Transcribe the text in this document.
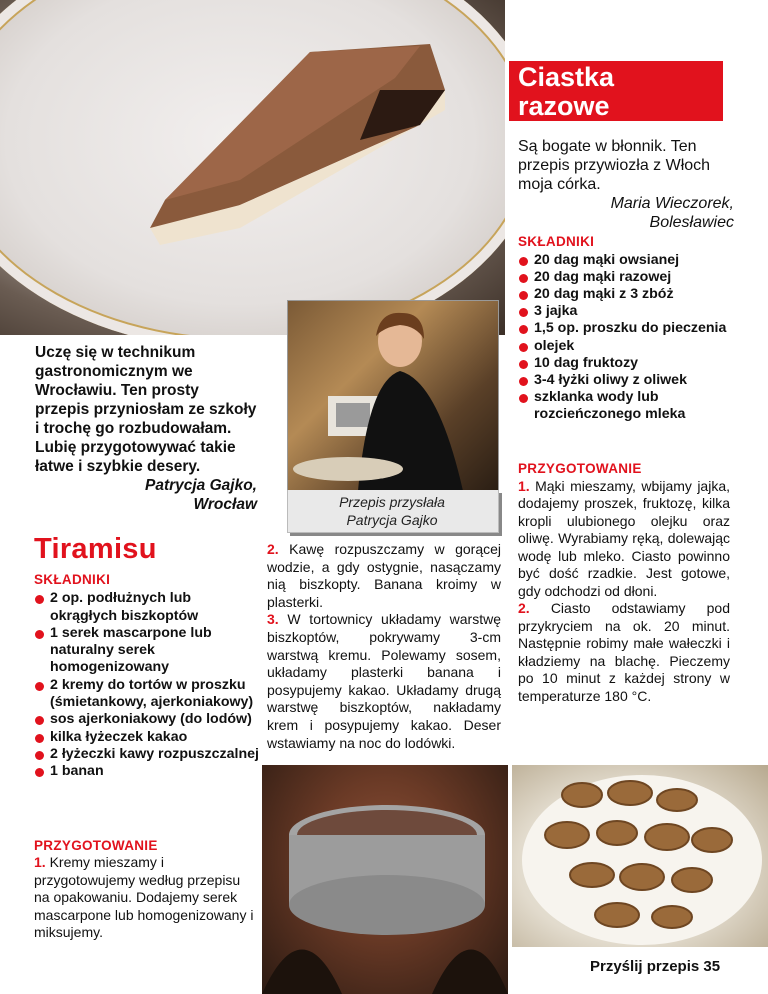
Przepis przysłała
Patrycja Gajko
Uczę się w technikum gastronomicznym we Wrocławiu. Ten prosty przepis przyniosłam ze szkoły i trochę go rozbudowałam. Lubię przygotowywać takie łatwe i szybkie desery.
Patrycja Gajko,
Wrocław
Tiramisu
SKŁADNIKI
2 op. podłużnych lub okrągłych biszkoptów
1 serek mascarpone lub naturalny serek homogenizowany
2 kremy do tortów w proszku (śmietankowy, ajerkoniakowy)
sos ajerkoniakowy (do lodów)
kilka łyżeczek kakao
2 łyżeczki kawy rozpuszczalnej
1 banan
PRZYGOTOWANIE
1. Kremy mieszamy i przygotowujemy według przepisu na opakowaniu. Dodajemy serek mascarpone lub homogenizowany i miksujemy.
2. Kawę rozpuszczamy w gorącej wodzie, a gdy ostygnie, nasączamy nią biszkopty. Banana kroimy w plasterki.
3. W tortownicy układamy warstwę biszkoptów, pokrywamy 3-cm warstwą kremu. Polewamy sosem, układamy plasterki banana i posypujemy kakao. Układamy drugą warstwę biszkoptów, nakładamy krem i posypujemy kakao. Deser wstawiamy na noc do lodówki.
Ciastka
razowe
Są bogate w błonnik. Ten przepis przywiozła z Włoch moja córka.
Maria Wieczorek,
Bolesławiec
SKŁADNIKI
20 dag mąki owsianej
20 dag mąki razowej
20 dag mąki z 3 zbóż
3 jajka
1,5 op. proszku do pieczenia
olejek
10 dag fruktozy
3-4 łyżki oliwy z oliwek
szklanka wody lub rozcieńczonego mleka
PRZYGOTOWANIE
1. Mąki mieszamy, wbijamy jajka, dodajemy proszek, fruktozę, kilka kropli ulubionego olejku oraz oliwę. Wyrabiamy ręką, dolewając wodę lub mleko. Ciasto powinno być dość rzadkie. Jest gotowe, gdy odchodzi od dłoni.
2. Ciasto odstawiamy pod przykryciem na ok. 20 minut. Następnie robimy małe wałeczki i kładziemy na blachę. Pieczemy po 10 minut z każdej strony w temperaturze 180 °C.
Przyślij przepis 35
